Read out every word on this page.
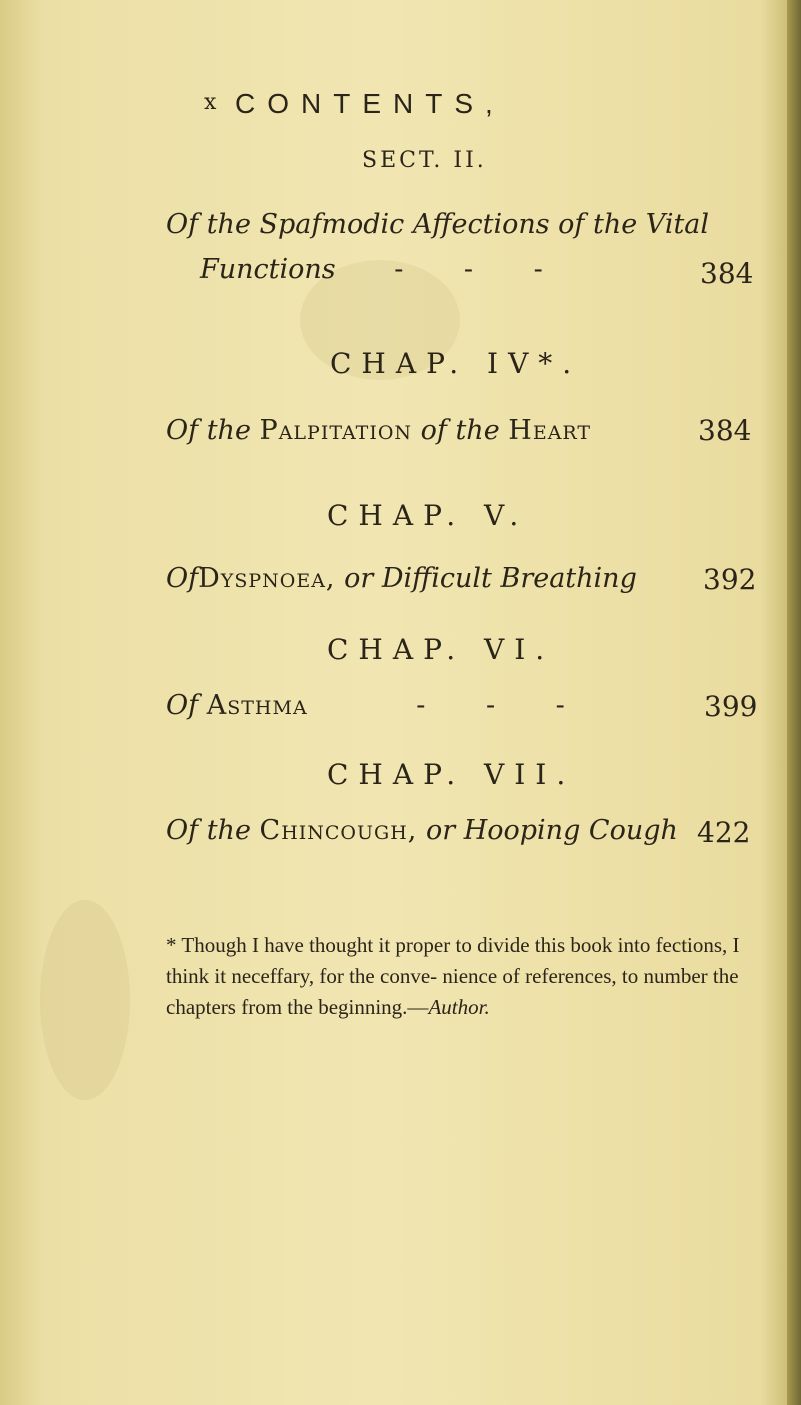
x CONTENTS,
SECT. II.
Of the Spafmodic Affections of the Vital
Functions - - -	384
CHAP. IV*.
Of the Palpitation of the Heart	384
CHAP. V.
OfDyspnoea, or Difficult Breathing 392
CHAP. VI.
Of Asthma	- - -	399
CHAP. VII.
Of the Chincough, or Hooping Cough 422
* Though I have thought it proper to divide this book into fections, I think it neceffary, for the conve- nience of references, to number the chapters from the beginning.—Author.
